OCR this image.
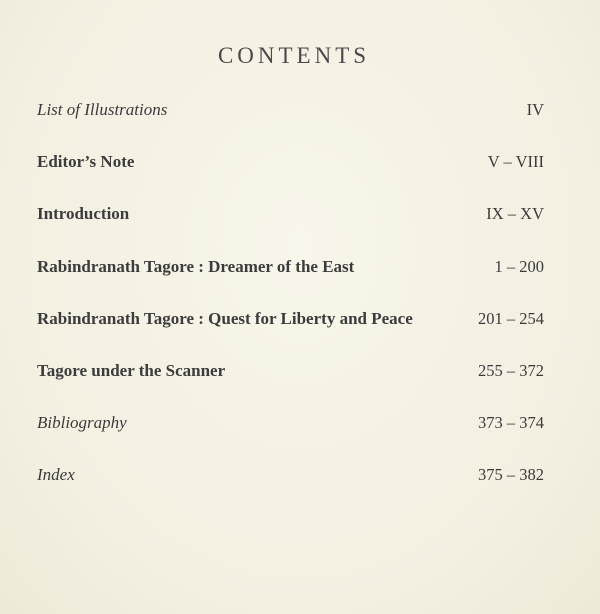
CONTENTS
List of Illustrations	IV
Editor’s Note	V – VIII
Introduction	IX – XV
Rabindranath Tagore : Dreamer of the East	1 – 200
Rabindranath Tagore : Quest for Liberty and Peace	201 – 254
Tagore under the Scanner	255 – 372
Bibliography	373 – 374
Index	375 – 382
